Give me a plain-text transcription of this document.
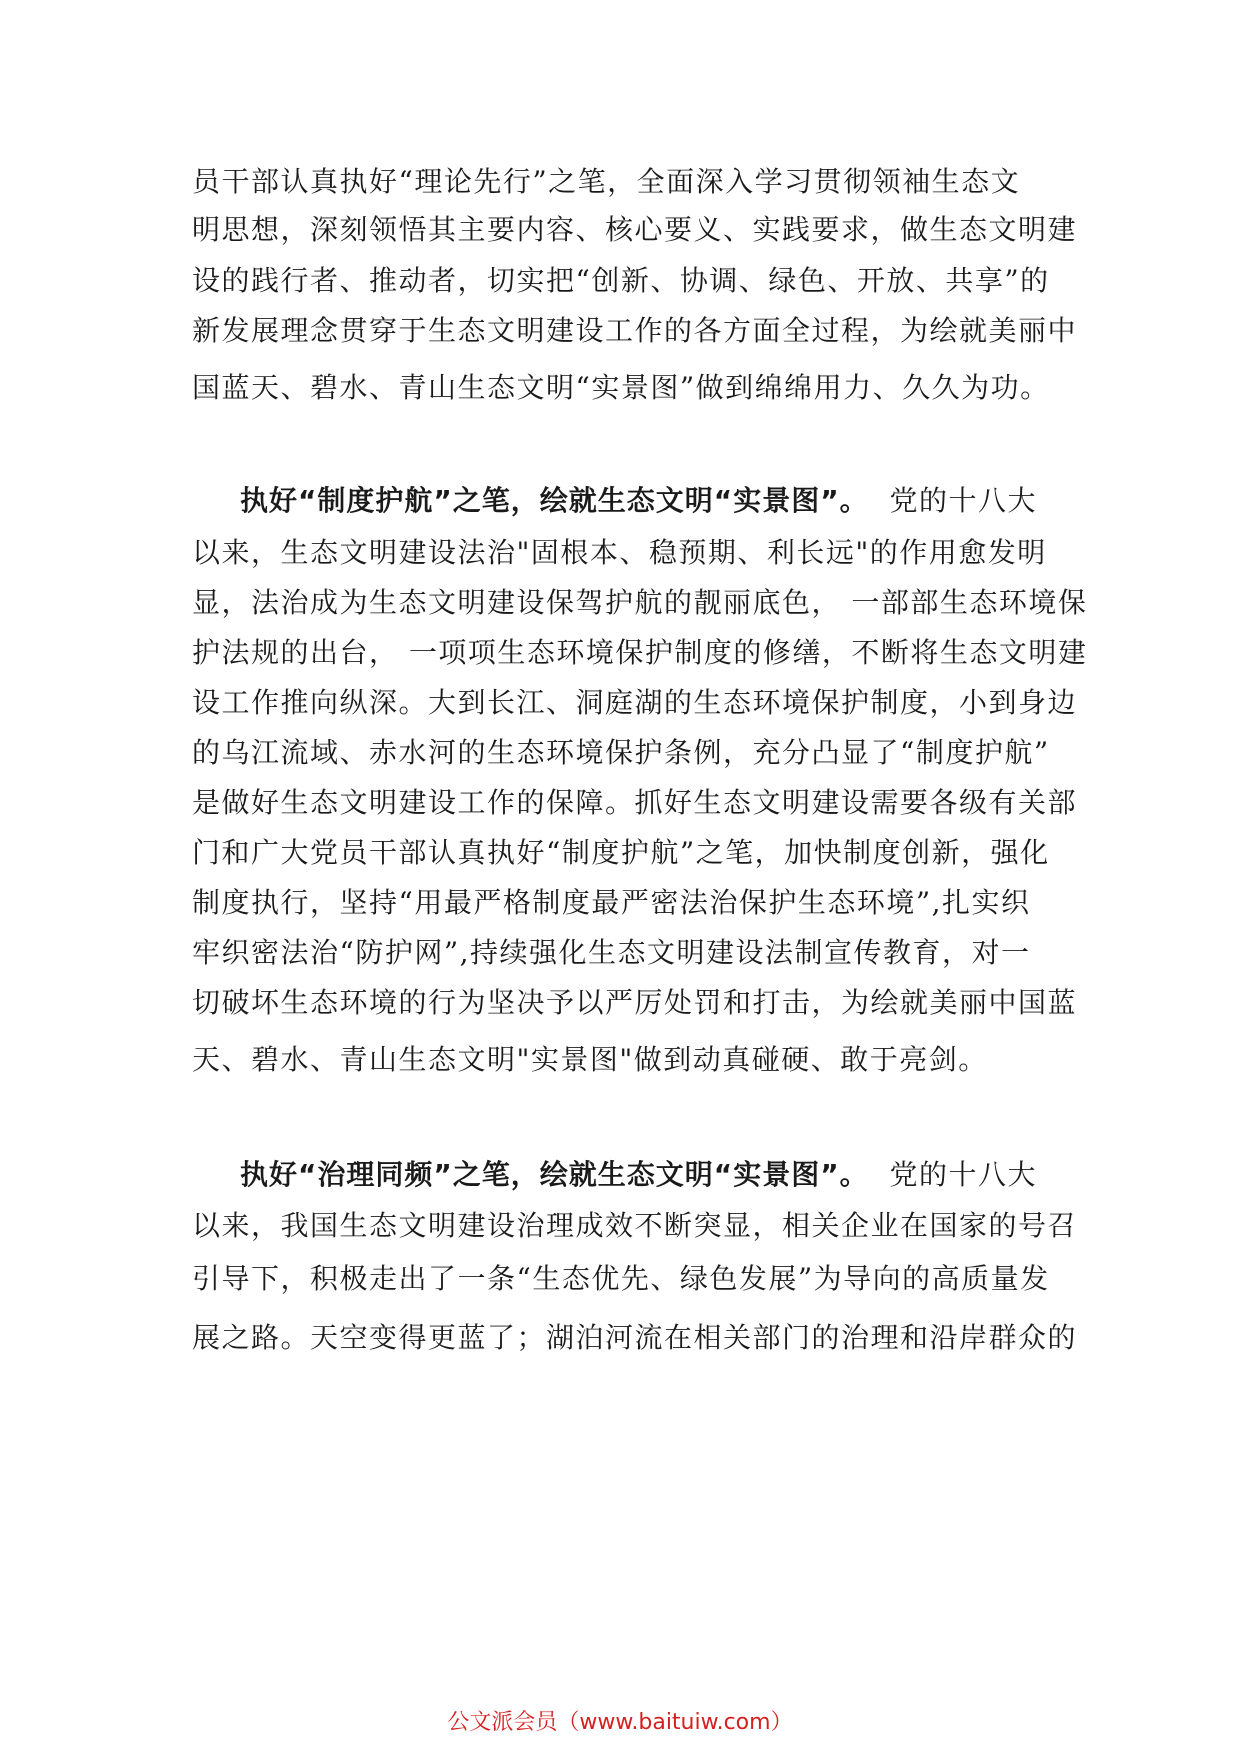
员干部认真执好“理论先行”之笔，全面深入学习贯彻领袖生态文
明思想，深刻领悟其主要内容、核心要义、实践要求，做生态文明建
设的践行者、推动者，切实把“创新、协调、绿色、开放、共享”的
新发展理念贯穿于生态文明建设工作的各方面全过程，为绘就美丽中
国蓝天、碧水、青山生态文明“实景图”做到绵绵用力、久久为功。
执好“制度护航”之笔，绘就生态文明“实景图”。 党的十八大
以来，生态文明建设法治"固根本、稳预期、利长远"的作用愈发明
显，法治成为生态文明建设保驾护航的靓丽底色， 一部部生态环境保
护法规的出台， 一项项生态环境保护制度的修缮，不断将生态文明建
设工作推向纵深。大到长江、洞庭湖的生态环境保护制度，小到身边
的乌江流域、赤水河的生态环境保护条例，充分凸显了“制度护航”
是做好生态文明建设工作的保障。抓好生态文明建设需要各级有关部
门和广大党员干部认真执好“制度护航”之笔，加快制度创新，强化
制度执行，坚持“用最严格制度最严密法治保护生态环境”,扎实织
牢织密法治“防护网”,持续强化生态文明建设法制宣传教育，对一
切破坏生态环境的行为坚决予以严厉处罚和打击，为绘就美丽中国蓝
天、碧水、青山生态文明"实景图"做到动真碰硬、敢于亮剑。
执好“治理同频”之笔，绘就生态文明“实景图”。 党的十八大
以来，我国生态文明建设治理成效不断突显，相关企业在国家的号召
引导下，积极走出了一条“生态优先、绿色发展”为导向的高质量发
展之路。天空变得更蓝了；湖泊河流在相关部门的治理和沿岸群众的
公文派会员（www.baituiw.com）
